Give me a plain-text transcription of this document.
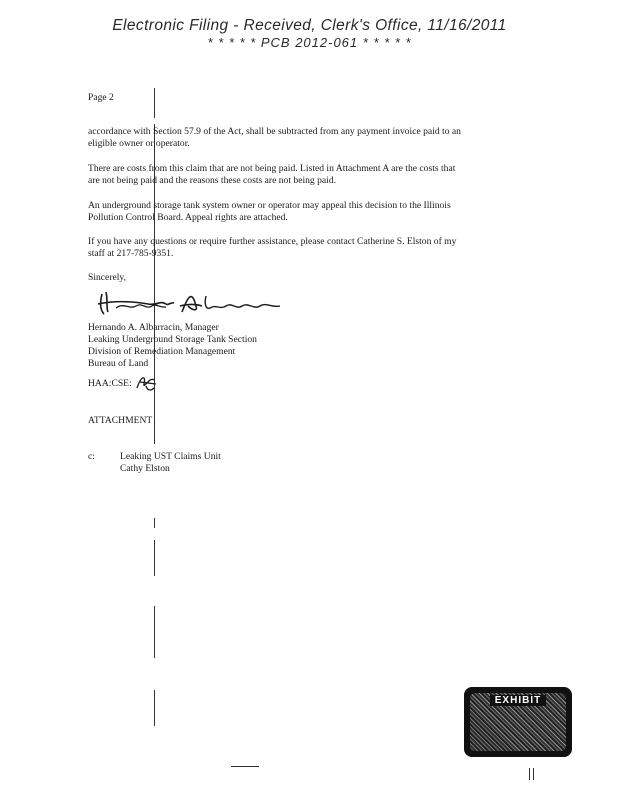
Electronic Filing - Received, Clerk's Office, 11/16/2011
* * * * * PCB 2012-061 * * * * *
Page 2
accordance with Section 57.9 of the Act, shall be subtracted from any payment invoice paid to an
eligible owner or operator.
There are costs from this claim that are not being paid. Listed in Attachment A are the costs that
are not being paid and the reasons these costs are not being paid.
An underground storage tank system owner or operator may appeal this decision to the Illinois
Pollution Control Board. Appeal rights are attached.
If you have any questions or require further assistance, please contact Catherine S. Elston of my
staff at 217-785-9351.
Sincerely,
Hernando A. Albarracin, Manager
Leaking Underground Storage Tank Section
Division of Remediation Management
Bureau of Land
HAA:CSE:
ATTACHMENT
c:	Leaking UST Claims Unit
Cathy Elston
EXHIBIT
